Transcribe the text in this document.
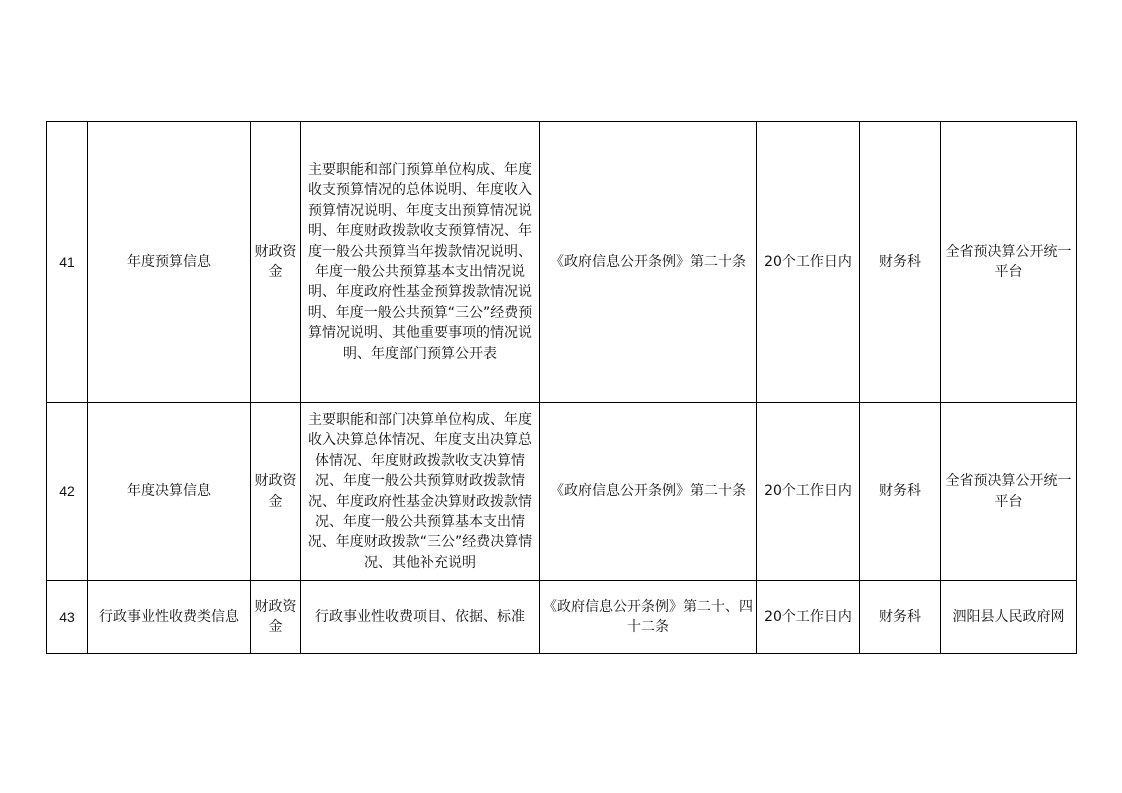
41	年度预算信息	财政资金	主要职能和部门预算单位构成、年度收支预算情况的总体说明、年度收入预算情况说明、年度支出预算情况说明、年度财政拨款收支预算情况、年度一般公共预算当年拨款情况说明、年度一般公共预算基本支出情况说明、年度政府性基金预算拨款情况说明、年度一般公共预算“三公”经费预算情况说明、其他重要事项的情况说明、年度部门预算公开表	《政府信息公开条例》第二十条	20个工作日内	财务科	全省预决算公开统一平台
42	年度决算信息	财政资金	主要职能和部门决算单位构成、年度收入决算总体情况、年度支出决算总体情况、年度财政拨款收支决算情况、年度一般公共预算财政拨款情况、年度政府性基金决算财政拨款情况、年度一般公共预算基本支出情况、年度财政拨款“三公”经费决算情况、其他补充说明	《政府信息公开条例》第二十条	20个工作日内	财务科	全省预决算公开统一平台
43	行政事业性收费类信息	财政资金	行政事业性收费项目、依据、标准	《政府信息公开条例》第二十、四十二条	20个工作日内	财务科	泗阳县人民政府网
